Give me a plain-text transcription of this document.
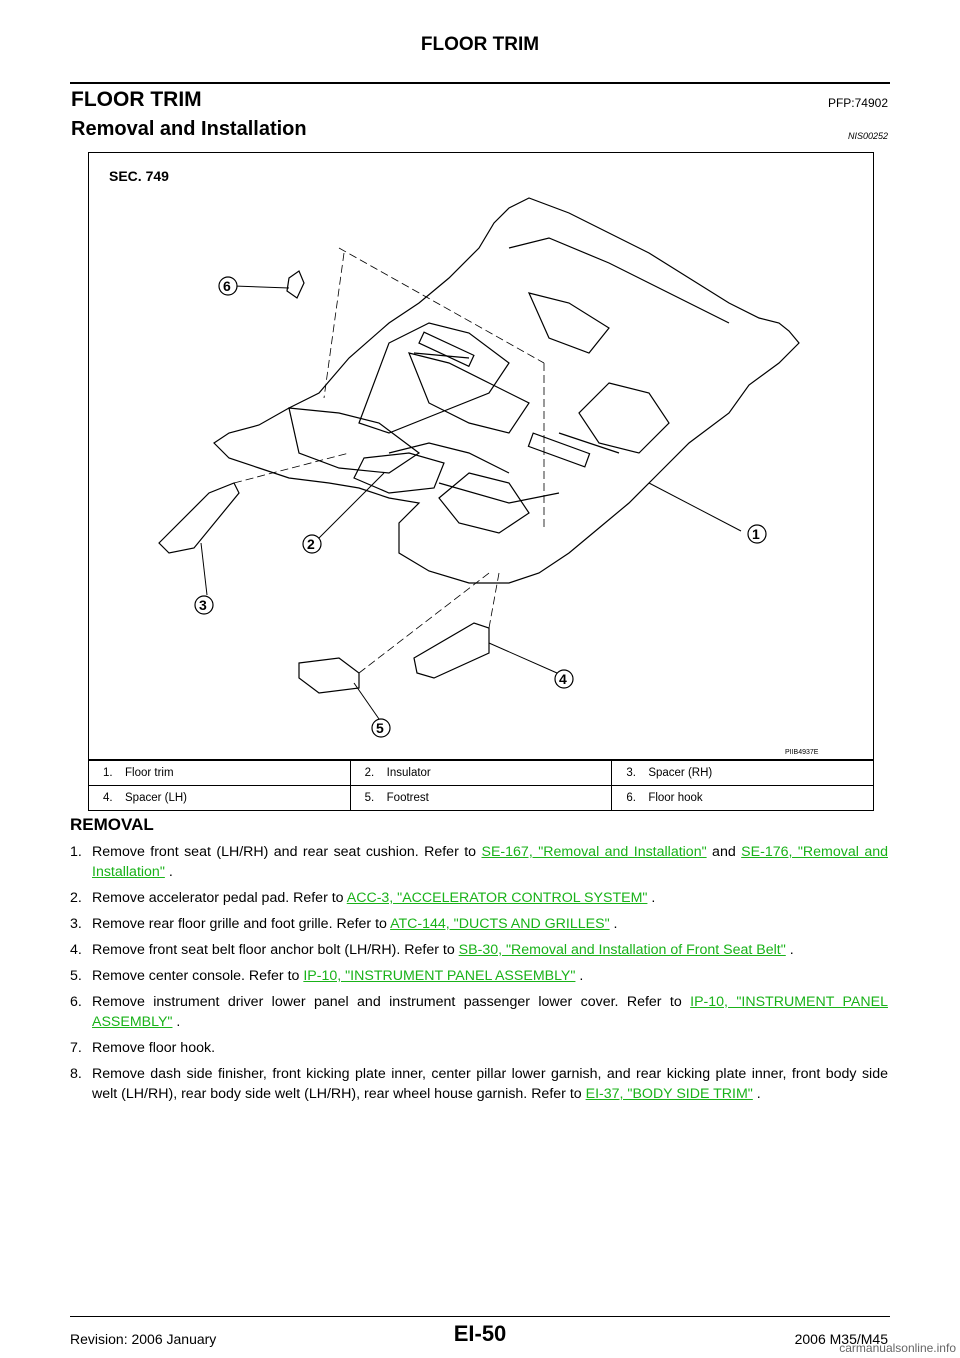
FLOOR TRIM
FLOOR TRIM	PFP:74902
Removal and Installation	NIS00252
SEC. 749
PIIB4937E
1
2
3
4
5
6
1. Floor trim	2. Insulator	3. Spacer (RH)
4. Spacer (LH)	5. Footrest	6. Floor hook
REMOVAL
1. Remove front seat (LH/RH) and rear seat cushion. Refer to SE-167, "Removal and Installation" and SE-176, "Removal and Installation" .
2. Remove accelerator pedal pad. Refer to ACC-3, "ACCELERATOR CONTROL SYSTEM" .
3. Remove rear floor grille and foot grille. Refer to ATC-144, "DUCTS AND GRILLES" .
4. Remove front seat belt floor anchor bolt (LH/RH). Refer to SB-30, "Removal and Installation of Front Seat Belt" .
5. Remove center console. Refer to IP-10, "INSTRUMENT PANEL ASSEMBLY" .
6. Remove instrument driver lower panel and instrument passenger lower cover. Refer to IP-10, "INSTRUMENT PANEL ASSEMBLY" .
7. Remove floor hook.
8. Remove dash side finisher, front kicking plate inner, center pillar lower garnish, and rear kicking plate inner, front body side welt (LH/RH), rear body side welt (LH/RH), rear wheel house garnish. Refer to EI-37, "BODY SIDE TRIM" .
Revision: 2006 January	EI-50	2006 M35/M45
carmanualsonline.info
